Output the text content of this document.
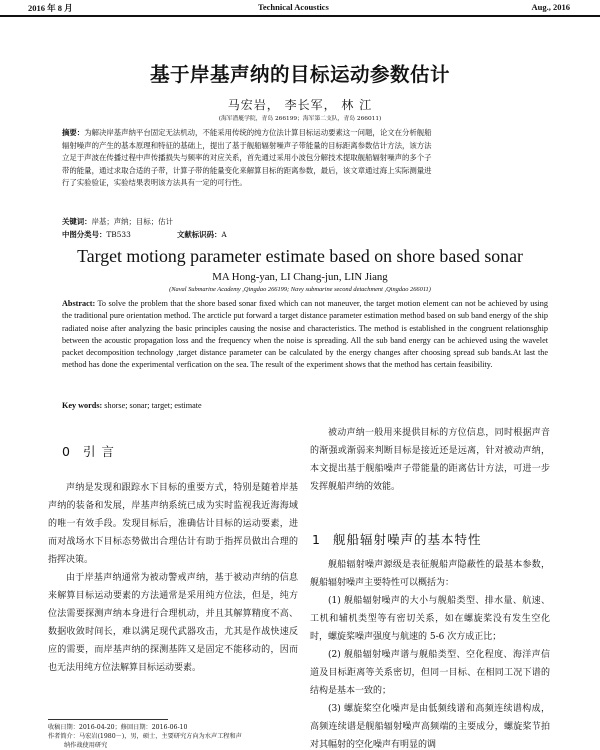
2016 年 8 月	Technical Acoustics	Aug., 2016
基于岸基声纳的目标运动参数估计
马宏岩， 李长军， 林 江
(海军潜艇学院，青岛 266199；海军第二支队，青岛 266011)
摘要：为解决岸基声纳平台固定无法机动，不能采用传统的纯方位法计算目标运动要素这一问题，论文在分析舰船
辐射噪声的产生的基本原理和特征的基础上，提出了基于舰船辐射噪声子带能量的目标距离参数估计方法，该方法
立足于声波在传播过程中声传播损失与频率的对应关系，首先通过采用小波包分解技术提取舰船辐射噪声的多个子
带的能量，通过求取合适的子带，计算子带的能量变化来解算目标的距离参数，最后，该文章通过海上实际测量进
行了实验验证，实验结果表明该方法具有一定的可行性。
关键词：岸基；声纳；目标；估计
中图分类号：TB533	文献标识码：A
Target motiong parameter estimate based on shore based sonar
MA Hong-yan, LI Chang-jun, LIN Jiang
(Naval Submarine Academy ,Qingdao 266199; Navy submarine second detachment ,Qingdao 266011)
Abstract: To solve the problem that the shore based sonar fixed which can not maneuver, the target motion element can not be achieved by using the traditional pure orientation method. The arcticle put forward a target distance parameter estimation method based on sub band energy of the ship radiated noise after analyzing the basic principles causing the nosise and characteristics. The method is established in the congruent relationsghip between the acoustic propagation loss and the frequency when the noise is spreading. All the sub band energy can be achieved using the wavelet packet decomposition technology ,target distance parameter can be calculated by the energy changes after choosing spread sub bands.At last the method has done the experimental verfication on the sea. The result of the experiment shows that the method has certain feasibility.
Key words: shorse; sonar; target; estimate
0 引 言

声纳是发现和跟踪水下目标的重要方式，特别是随着岸基声纳的装备和发展，岸基声纳系统已成为实时监视我近海海域的唯一有效手段。发现目标后，准确估计目标的运动要素，进而对战场水下目标态势做出合理估计有助于指挥员做出合理的指挥决策。

由于岸基声纳通常为被动警戒声纳，基于被动声纳的信息来解算目标运动要素的方法通常是采用纯方位法，但是，纯方位法需要探测声纳本身进行合理机动，并且其解算精度不高、数据收敛时间长，难以满足现代武器攻击，尤其是作战快速反应的需要，而岸基声纳的探测基阵又是固定不能移动的，因而也无法用纯方位法解算目标运动要素。

被动声纳一般用来提供目标的方位信息，同时根据声音的渐强或渐弱来判断目标是接近还是远离，针对被动声纳，本文提出基于舰船噪声子带能量的距离估计方法，可进一步发挥舰船声纳的效能。

1 舰船辐射噪声的基本特性

舰船辐射噪声源级是表征舰船声隐蔽性的最基本参数，舰船辐射噪声主要特性可以概括为：

(1) 舰船辐射噪声的大小与舰船类型、排水量、航速、工机和辅机类型等有密切关系，如在螺旋桨没有发生空化时，螺旋桨噪声强度与航速的 5-6 次方成正比；

(2) 舰船辐射噪声谱与舰船类型、空化程度、海洋声信道及目标距离等关系密切，但同一目标、在相同工况下谱的结构是基本一致的；

(3) 螺旋桨空化噪声是由低频线谱和高频连续谱构成，高频连续谱是舰船辐射噪声高频端的主要成分，螺旋桨节拍对其幅射的空化噪声有明显的调

收稿日期：2016-04-20；修回日期：2016-06-10
作者简介：马宏岩(1980－)，男，硕士，主要研究方向为水声工程和声
纳作战使用研究
